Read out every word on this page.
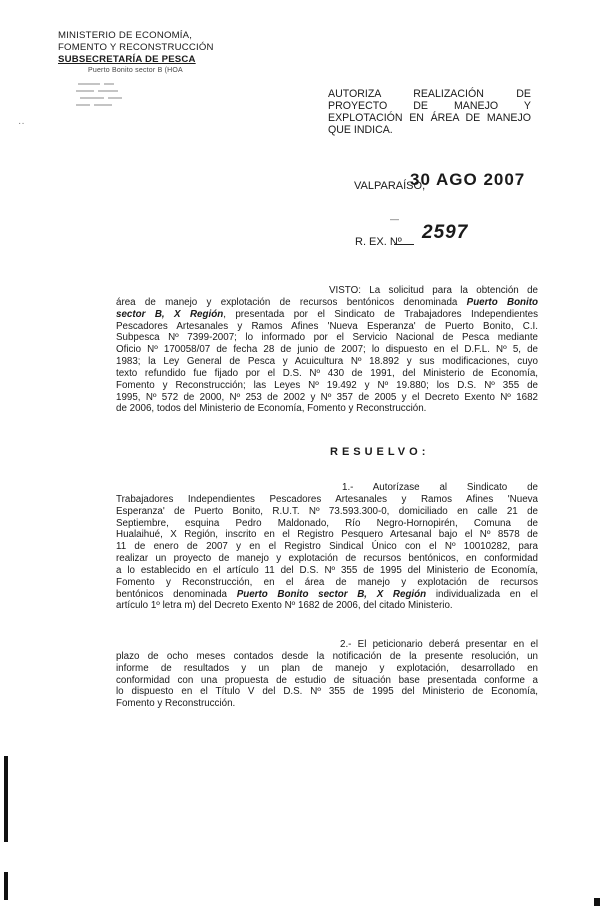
MINISTERIO DE ECONOMÍA,
FOMENTO Y RECONSTRUCCIÓN
SUBSECRETARÍA DE PESCA
Puerto Bonito sector B (HOA
··
AUTORIZA REALIZACIÓN DE
PROYECTO DE MANEJO Y
EXPLOTACIÓN EN ÁREA DE MANEJO
QUE INDICA.
VALPARAÍSO,
30 AGO 2007
—
R. EX. Nº 2597
VISTO: La solicitud para la obtención de
área de manejo y explotación de recursos bentónicos denominada Puerto Bonito
sector B, X Región, presentada por el Sindicato de Trabajadores Independientes
Pescadores Artesanales y Ramos Afines 'Nueva Esperanza' de Puerto Bonito, C.I.
Subpesca Nº 7399-2007; lo informado por el Servicio Nacional de Pesca mediante
Oficio Nº 170058/07 de fecha 28 de junio de 2007; lo dispuesto en el D.F.L. Nº 5, de
1983; la Ley General de Pesca y Acuicultura Nº 18.892 y sus modificaciones, cuyo
texto refundido fue fijado por el D.S. Nº 430 de 1991, del Ministerio de Economía,
Fomento y Reconstrucción; las Leyes Nº 19.492 y Nº 19.880; los D.S. Nº 355 de
1995, Nº 572 de 2000, Nº 253 de 2002 y Nº 357 de 2005 y el Decreto Exento Nº 1682
de 2006, todos del Ministerio de Economía, Fomento y Reconstrucción.
RESUELVO:
1.- Autorízase al Sindicato de
Trabajadores Independientes Pescadores Artesanales y Ramos Afines 'Nueva
Esperanza' de Puerto Bonito, R.U.T. Nº 73.593.300-0, domiciliado en calle 21 de
Septiembre, esquina Pedro Maldonado, Río Negro-Hornopirén, Comuna de
Hualaihué, X Región, inscrito en el Registro Pesquero Artesanal bajo el Nº 8578 de
11 de enero de 2007 y en el Registro Sindical Único con el Nº 10010282, para
realizar un proyecto de manejo y explotación de recursos bentónicos, en conformidad
a lo establecido en el artículo 11 del D.S. Nº 355 de 1995 del Ministerio de Economía,
Fomento y Reconstrucción, en el área de manejo y explotación de recursos
bentónicos denominada Puerto Bonito sector B, X Región individualizada en el
artículo 1º letra m) del Decreto Exento Nº 1682 de 2006, del citado Ministerio.
2.- El peticionario deberá presentar en el
plazo de ocho meses contados desde la notificación de la presente resolución, un
informe de resultados y un plan de manejo y explotación, desarrollado en
conformidad con una propuesta de estudio de situación base presentada conforme a
lo dispuesto en el Título V del D.S. Nº 355 de 1995 del Ministerio de Economía,
Fomento y Reconstrucción.
